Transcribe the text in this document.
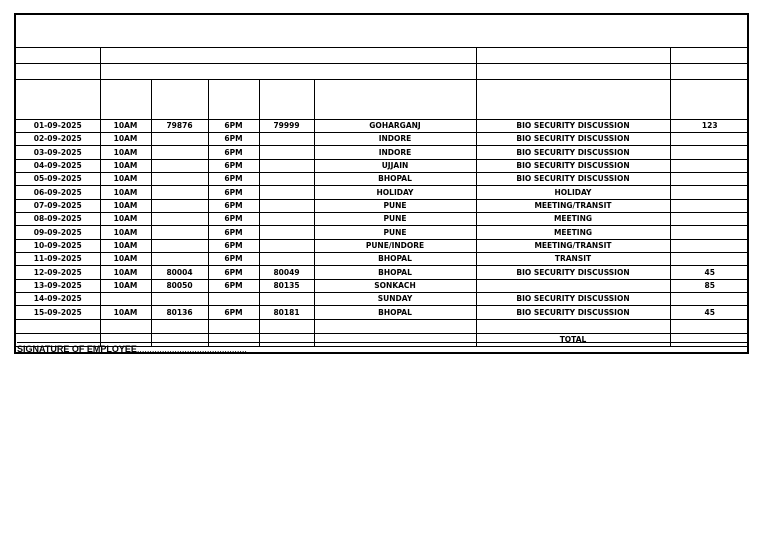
01-09-2025	10AM	79876	6PM	79999	GOHARGANJ	BIO SECURITY DISCUSSION	123
02-09-2025	10AM		6PM		INDORE	BIO SECURITY DISCUSSION	
03-09-2025	10AM		6PM		INDORE	BIO SECURITY DISCUSSION	
04-09-2025	10AM		6PM		UJJAIN	BIO SECURITY DISCUSSION	
05-09-2025	10AM		6PM		BHOPAL	BIO SECURITY DISCUSSION	
06-09-2025	10AM		6PM		HOLIDAY	HOLIDAY	
07-09-2025	10AM		6PM		PUNE	MEETING/TRANSIT	
08-09-2025	10AM		6PM		PUNE	MEETING	
09-09-2025	10AM		6PM		PUNE	MEETING	
10-09-2025	10AM		6PM		PUNE/INDORE	MEETING/TRANSIT	
11-09-2025	10AM		6PM		BHOPAL	TRANSIT	
12-09-2025	10AM	80004	6PM	80049	BHOPAL	BIO SECURITY DISCUSSION	45
13-09-2025	10AM	80050	6PM	80135	SONKACH		85
14-09-2025					SUNDAY	BIO SECURITY DISCUSSION	
15-09-2025	10AM	80136	6PM	80181	BHOPAL	BIO SECURITY DISCUSSION	45

						TOTAL	
SIGNATURE OF EMPLOYEE............................................
